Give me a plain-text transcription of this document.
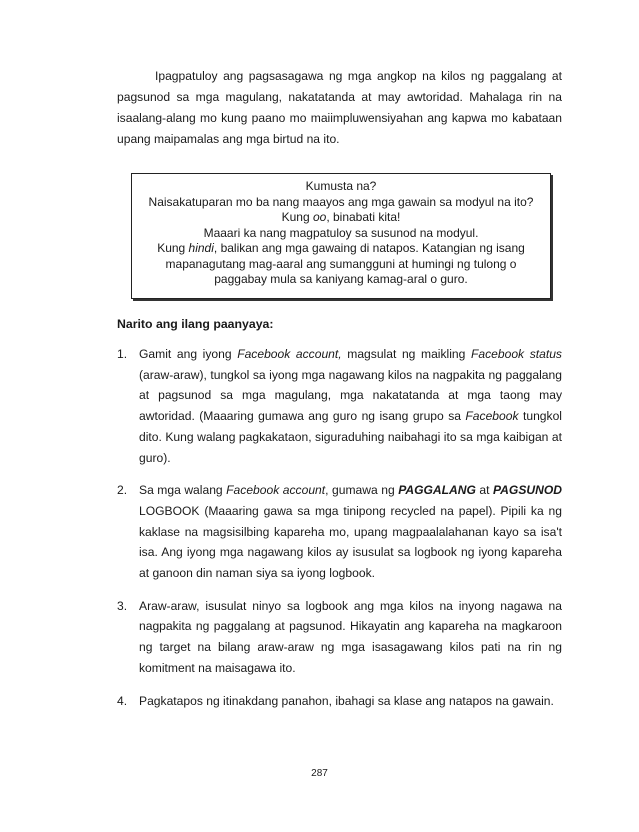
Ipagpatuloy ang pagsasagawa ng mga angkop na kilos ng paggalang at pagsunod sa mga magulang, nakatatanda at may awtoridad. Mahalaga rin na isaalang-alang mo kung paano mo maiimpluwensiyahan ang kapwa mo kabataan upang maipamalas ang mga birtud na ito.

Kumusta na?

Naisakatuparan mo ba nang maayos ang mga gawain sa modyul na ito?

Kung oo, binabati kita!

Maaari ka nang magpatuloy sa susunod na modyul.

Kung hindi, balikan ang mga gawaing di natapos. Katangian ng isang mapanagutang mag-aaral ang sumangguni at humingi ng tulong o paggabay mula sa kaniyang kamag-aral o guro.

Narito ang ilang paanyaya:

1. Gamit ang iyong Facebook account, magsulat ng maikling Facebook status (araw-araw), tungkol sa iyong mga nagawang kilos na nagpakita ng paggalang at pagsunod sa mga magulang, mga nakatatanda at mga taong may awtoridad. (Maaaring gumawa ang guro ng isang grupo sa Facebook tungkol dito. Kung walang pagkakataon, siguraduhing naibahagi ito sa mga kaibigan at guro).
2. Sa mga walang Facebook account, gumawa ng PAGGALANG at PAGSUNOD LOGBOOK (Maaaring gawa sa mga tinipong recycled na papel). Pipili ka ng kaklase na magsisilbing kapareha mo, upang magpaalalahanan kayo sa isa't isa. Ang iyong mga nagawang kilos ay isusulat sa logbook ng iyong kapareha at ganoon din naman siya sa iyong logbook.
3. Araw-araw, isusulat ninyo sa logbook ang mga kilos na inyong nagawa na nagpakita ng paggalang at pagsunod. Hikayatin ang kapareha na magkaroon ng target na bilang araw-araw ng mga isasagawang kilos pati na rin ng komitment na maisagawa ito.
4. Pagkatapos ng itinakdang panahon, ibahagi sa klase ang natapos na gawain.

287
